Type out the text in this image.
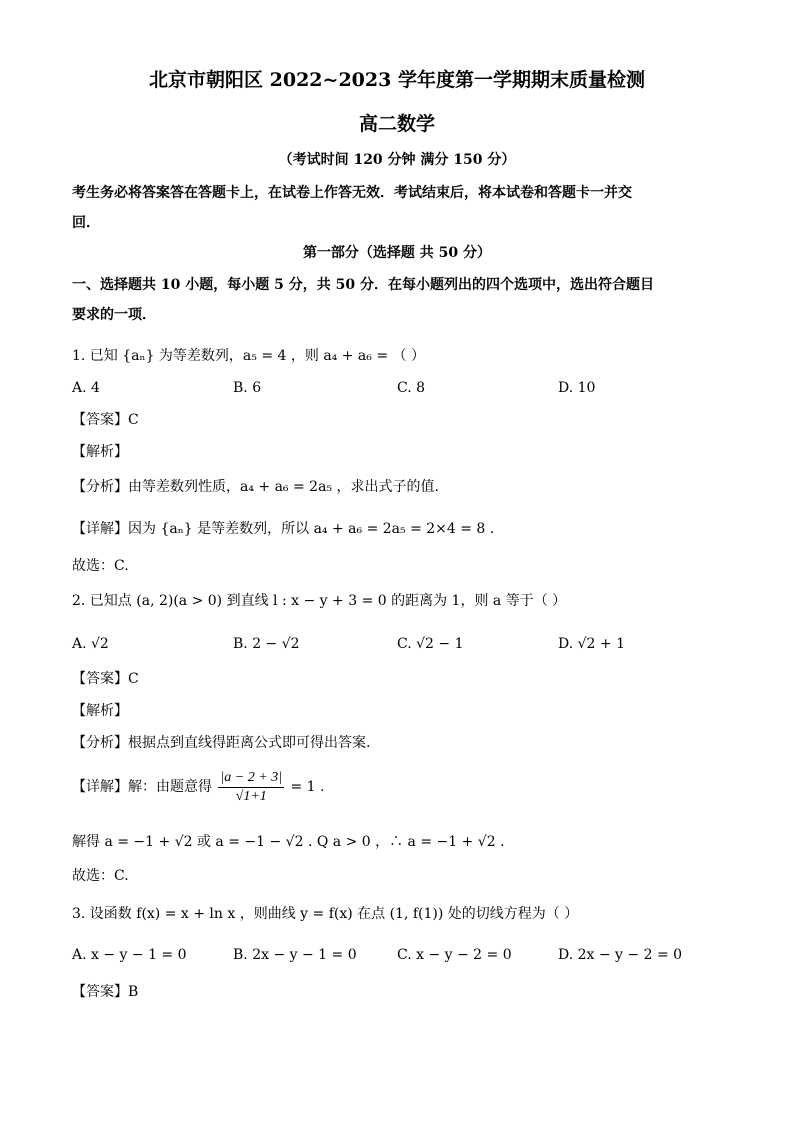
北京市朝阳区 2022~2023 学年度第一学期期末质量检测
高二数学
（考试时间 120 分钟 满分 150 分）
考生务必将答案答在答题卡上，在试卷上作答无效．考试结束后，将本试卷和答题卡一并交
回．
第一部分（选择题 共 50 分）
一、选择题共 10 小题，每小题 5 分，共 50 分．在每小题列出的四个选项中，选出符合题目
要求的一项．
1. 已知 {aₙ} 为等差数列，a₅ = 4 ，则 a₄ + a₆ = （ ）
A. 4	B. 6	C. 8	D. 10
【答案】C
【解析】
【分析】由等差数列性质，a₄ + a₆ = 2a₅ ，求出式子的值.
【详解】因为 {aₙ} 是等差数列，所以 a₄ + a₆ = 2a₅ = 2×4 = 8 .
故选：C.
2. 已知点 (a, 2)(a > 0) 到直线 l : x − y + 3 = 0 的距离为 1，则 a 等于（ ）
A. √2	B. 2 − √2	C. √2 − 1	D. √2 + 1
【答案】C
【解析】
【分析】根据点到直线得距离公式即可得出答案.
【详解】解：由题意得 $\frac{|a - 2 + 3|}{√1+1} = 1$ .
解得 a = −1 + √2 或 a = −1 − √2 . Q a > 0 ，∴ a = −1 + √2 .
故选：C.
3. 设函数 f(x) = x + ln x ，则曲线 y = f(x) 在点 (1, f(1)) 处的切线方程为（ ）
A. x − y − 1 = 0	B. 2x − y − 1 = 0	C. x − y − 2 = 0	D. 2x − y − 2 = 0
【答案】B
